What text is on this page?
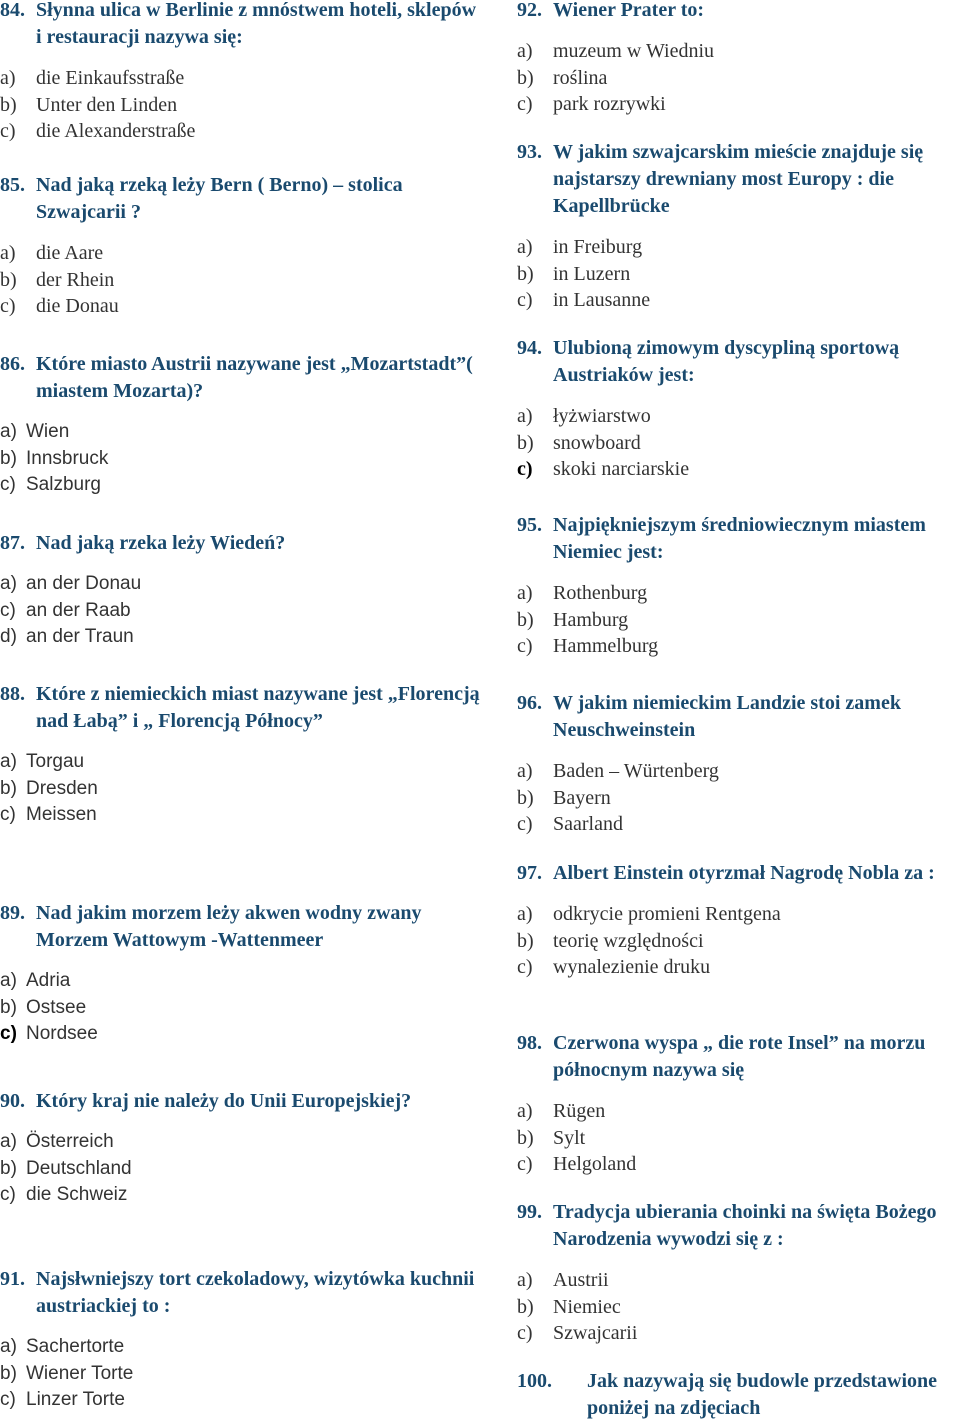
84. Słynna ulica w Berlinie z mnóstwem hoteli, sklepów i restauracji nazywa się:
a)	die Einkaufsstraße
b) Unter den Linden
c)	die Alexanderstraße
85. Nad jaką rzeką leży Bern ( Berno) – stolica Szwajcarii ?
a)	die Aare
b) der Rhein
c)	die Donau
86. Które miasto Austrii nazywane jest „Mozartstadt”( miastem Mozarta)?
a) Wien
b) Innsbruck
c) Salzburg
87. Nad jaką rzeka leży Wiedeń?
a) an der Donau
c) an der Raab
d) an der Traun
88. Które z niemieckich miast nazywane jest „Florencją nad Łabą” i „ Florencją Północy”
a) Torgau
b) Dresden
c) Meissen
89. Nad jakim morzem leży akwen wodny zwany Morzem Wattowym -Wattenmeer
a) Adria
b) Ostsee
c) Nordsee
90. Który kraj nie należy do Unii Europejskiej?
a) Österreich
b) Deutschland
c) die Schweiz
91. Najsłwniejszy tort czekoladowy, wizytówka kuchnii austriackiej to :
a) Sachertorte
b) Wiener Torte
c) Linzer Torte
92. Wiener Prater to:
a)	muzeum w Wiedniu
b) roślina
c)	park rozrywki
93. W jakim szwajcarskim mieście znajduje się najstarszy drewniany most Europy : die Kapellbrücke
a)	in Freiburg
b) in Luzern
c)	in Lausanne
94. Ulubioną zimowym dyscypliną sportową Austriaków jest:
a)	łyżwiarstwo
b) snowboard
c)	skoki narciarskie
95. Najpiękniejszym średniowiecznym miastem Niemiec jest:
a)	Rothenburg
b) Hamburg
c)	Hammelburg
96. W jakim niemieckim Landzie stoi zamek Neuschweinstein
a)	Baden – Würtenberg
b) Bayern
c)	Saarland
97. Albert Einstein otyrzmał Nagrodę Nobla za :
a)	odkrycie promieni Rentgena
b) teorię względności
c)	wynalezienie druku
98. Czerwona wyspa „ die rote Insel” na morzu północnym nazywa się
a)	Rügen
b) Sylt
c)	Helgoland
99. Tradycja ubierania choinki na święta Bożego Narodzenia wywodzi się z :
a)	Austrii
b) Niemiec
c)	Szwajcarii
100.	Jak nazywają się budowle przedstawione poniżej na zdjęciach
